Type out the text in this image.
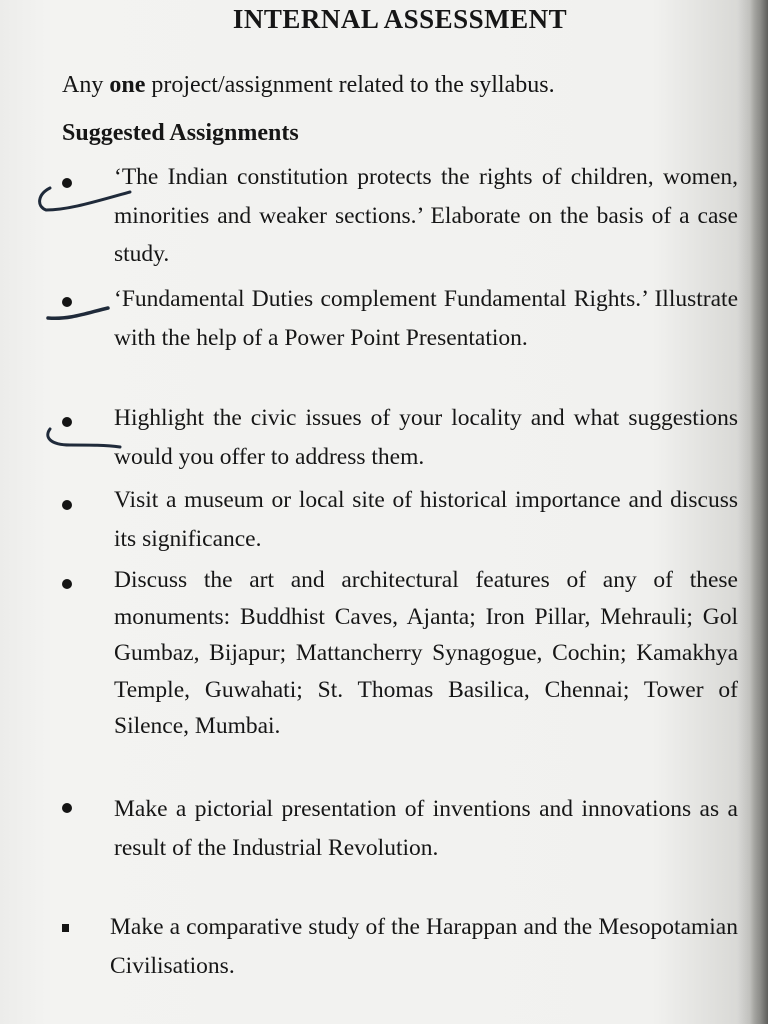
INTERNAL ASSESSMENT
Any one project/assignment related to the syllabus.
Suggested Assignments
‘The Indian constitution protects the rights of children, women, minorities and weaker sections.’ Elaborate on the basis of a case study.
‘Fundamental Duties complement Fundamental Rights.’ Illustrate with the help of a Power Point Presentation.
Highlight the civic issues of your locality and what suggestions would you offer to address them.
Visit a museum or local site of historical importance and discuss its significance.
Discuss the art and architectural features of any of these monuments: Buddhist Caves, Ajanta; Iron Pillar, Mehrauli; Gol Gumbaz, Bijapur; Mattancherry Synagogue, Cochin; Kamakhya Temple, Guwahati; St. Thomas Basilica, Chennai; Tower of Silence, Mumbai.
Make a pictorial presentation of inventions and innovations as a result of the Industrial Revolution.
Make a comparative study of the Harappan and the Mesopotamian Civilisations.
